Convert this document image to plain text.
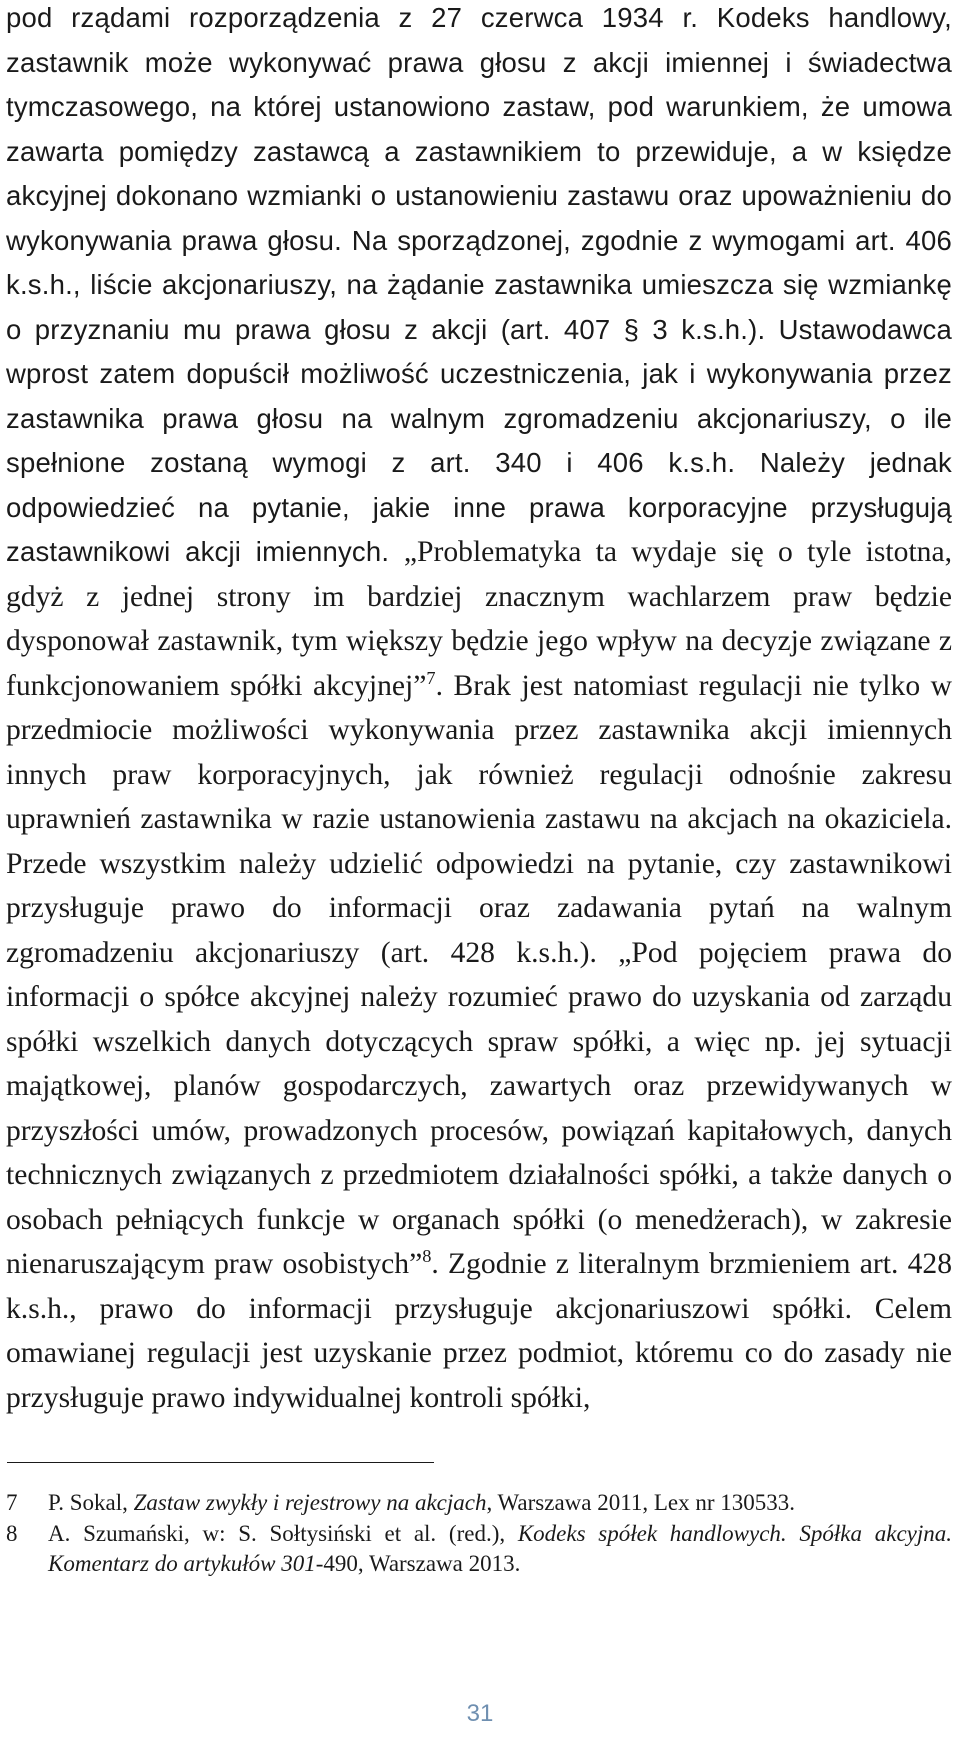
pod rządami rozporządzenia z 27 czerwca 1934 r. Kodeks handlowy, zastawnik może wykonywać prawa głosu z akcji imiennej i świadectwa tymczasowego, na której ustanowiono zastaw, pod warunkiem, że umowa zawarta pomiędzy zastawcą a zastawnikiem to przewiduje, a w księdze akcyjnej dokonano wzmianki o ustanowieniu zastawu oraz upoważnieniu do wykonywania prawa głosu. Na sporządzonej, zgodnie z wymogami art. 406 k.s.h., liście akcjonariuszy, na żądanie zastawnika umieszcza się wzmiankę o przyznaniu mu prawa głosu z akcji (art. 407 § 3 k.s.h.). Ustawodawca wprost zatem dopuścił możliwość uczestniczenia, jak i wykonywania przez zastawnika prawa głosu na walnym zgromadzeniu akcjonariuszy, o ile spełnione zostaną wymogi z art. 340 i 406 k.s.h. Należy jednak odpowiedzieć na pytanie, jakie inne prawa korporacyjne przysługują zastawnikowi akcji imiennych. „Problematyka ta wydaje się o tyle istotna, gdyż z jednej strony im bardziej znacznym wachlarzem praw będzie dysponował zastawnik, tym większy będzie jego wpływ na decyzje związane z funkcjonowaniem spółki akcyjnej”$^7$. Brak jest natomiast regulacji nie tylko w przedmiocie możliwości wykonywania przez zastawnika akcji imiennych innych praw korporacyjnych, jak również regulacji odnośnie zakresu uprawnień zastawnika w razie ustanowienia zastawu na akcjach na okaziciela. Przede wszystkim należy udzielić odpowiedzi na pytanie, czy zastawnikowi przysługuje prawo do informacji oraz zadawania pytań na walnym zgromadzeniu akcjonariuszy (art. 428 k.s.h.). „Pod pojęciem prawa do informacji o spółce akcyjnej należy rozumieć prawo do uzyskania od zarządu spółki wszelkich danych dotyczących spraw spółki, a więc np. jej sytuacji majątkowej, planów gospodarczych, zawartych oraz przewidywanych w przyszłości umów, prowadzonych procesów, powiązań kapitałowych, danych technicznych związanych z przedmiotem działalności spółki, a także danych o osobach pełniących funkcje w organach spółki (o menedżerach), w zakresie nienaruszającym praw osobistych”$^8$. Zgodnie z literalnym brzmieniem art. 428 k.s.h., prawo do informacji przysługuje akcjonariuszowi spółki. Celem omawianej regulacji jest uzyskanie przez podmiot, któremu co do zasady nie przysługuje prawo indywidualnej kontroli spółki,

7	P. Sokal, Zastaw zwykły i rejestrowy na akcjach, Warszawa 2011, Lex nr 130533.
8	A. Szumański, w: S. Sołtysiński et al. (red.), Kodeks spółek handlowych. Spółka akcyjna. Komentarz do artykułów 301-490, Warszawa 2013.
31
